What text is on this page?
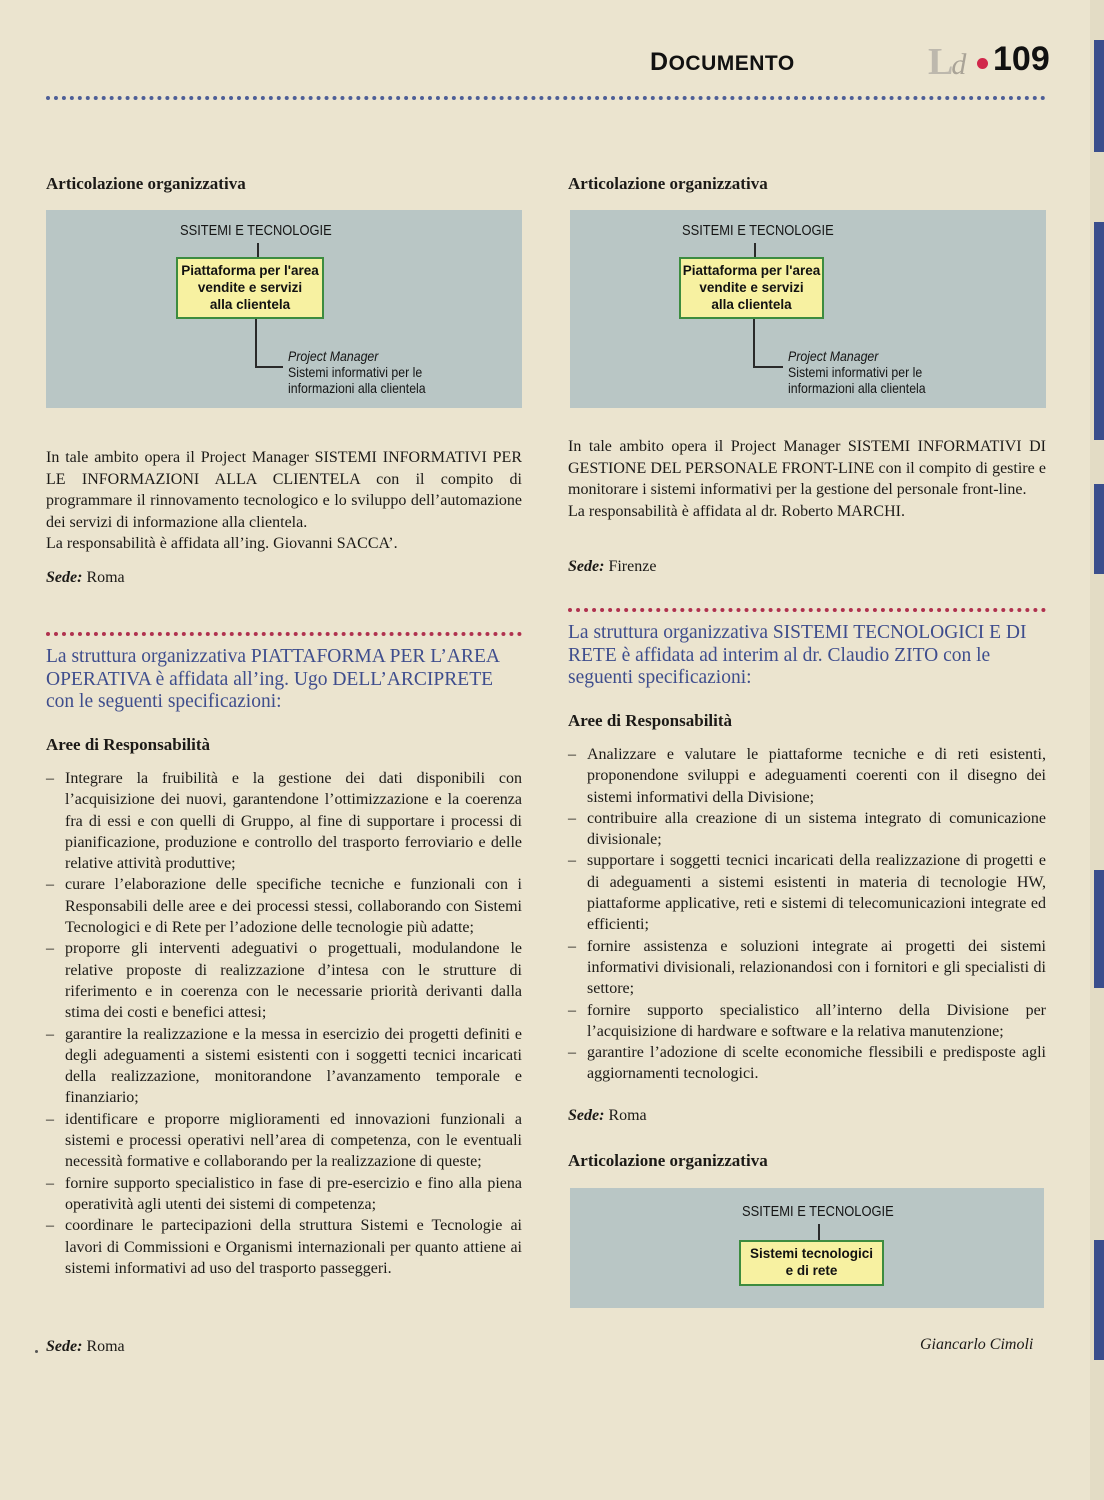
DOCUMENTO	Ld 109
Articolazione organizzativa
SSITEMI E TECNOLOGIE
Piattaforma per l'area
vendite e servizi
alla clientela
Project Manager
Sistemi informativi per le
informazioni alla clientela

In tale ambito opera il Project Manager SISTEMI INFORMATIVI PER LE INFORMAZIONI ALLA CLIENTELA con il compito di programmare il rinnovamento tecnologico e lo sviluppo dell’automazione dei servizi di informazione alla clientela.

La responsabilità è affidata all’ing. Giovanni SACCA’.

Sede: Roma
La struttura organizzativa PIATTAFORMA PER L’AREA OPERATIVA è affidata all’ing. Ugo DELL’ARCIPRETE con le seguenti specificazioni:
Aree di Responsabilità
– Integrare la fruibilità e la gestione dei dati disponibili con l’acquisizione dei nuovi, garantendone l’ottimizzazione e la coerenza fra di essi e con quelli di Gruppo, al fine di supportare i processi di pianificazione, produzione e controllo del trasporto ferroviario e delle relative attività produttive;
– curare l’elaborazione delle specifiche tecniche e funzionali con i Responsabili delle aree e dei processi stessi, collaborando con Sistemi Tecnologici e di Rete per l’adozione delle tecnologie più adatte;
– proporre gli interventi adeguativi o progettuali, modulandone le relative proposte di realizzazione d’intesa con le strutture di riferimento e in coerenza con le necessarie priorità derivanti dalla stima dei costi e benefici attesi;
– garantire la realizzazione e la messa in esercizio dei progetti definiti e degli adeguamenti a sistemi esistenti con i soggetti tecnici incaricati della realizzazione, monitorandone l’avanzamento temporale e finanziario;
– identificare e proporre miglioramenti ed innovazioni funzionali a sistemi e processi operativi nell’area di competenza, con le eventuali necessità formative e collaborando per la realizzazione di queste;
– fornire supporto specialistico in fase di pre-esercizio e fino alla piena operatività agli utenti dei sistemi di competenza;
– coordinare le partecipazioni della struttura Sistemi e Tecnologie ai lavori di Commissioni e Organismi internazionali per quanto attiene ai sistemi informativi ad uso del trasporto passeggeri.
Sede: Roma
Articolazione organizzativa
SSITEMI E TECNOLOGIE
Piattaforma per l'area
vendite e servizi
alla clientela
Project Manager
Sistemi informativi per le
informazioni alla clientela

In tale ambito opera il Project Manager SISTEMI INFORMATIVI DI GESTIONE DEL PERSONALE FRONT-LINE con il compito di gestire e monitorare i sistemi informativi per la gestione del personale front-line.

La responsabilità è affidata al dr. Roberto MARCHI.

Sede: Firenze
La struttura organizzativa SISTEMI TECNOLOGICI E DI RETE è affidata ad interim al dr. Claudio ZITO con le seguenti specificazioni:
Aree di Responsabilità
– Analizzare e valutare le piattaforme tecniche e di reti esistenti, proponendone sviluppi e adeguamenti coerenti con il disegno dei sistemi informativi della Divisione;
– contribuire alla creazione di un sistema integrato di comunicazione divisionale;
– supportare i soggetti tecnici incaricati della realizzazione di progetti e di adeguamenti a sistemi esistenti in materia di tecnologie HW, piattaforme applicative, reti e sistemi di telecomunicazioni integrate ed efficienti;
– fornire assistenza e soluzioni integrate ai progetti dei sistemi informativi divisionali, relazionandosi con i fornitori e gli specialisti di settore;
– fornire supporto specialistico all’interno della Divisione per l’acquisizione di hardware e software e la relativa manutenzione;
– garantire l’adozione di scelte economiche flessibili e predisposte agli aggiornamenti tecnologici.
Sede: Roma
Articolazione organizzativa
SSITEMI E TECNOLOGIE
Sistemi tecnologici
e di rete
Giancarlo Cimoli
